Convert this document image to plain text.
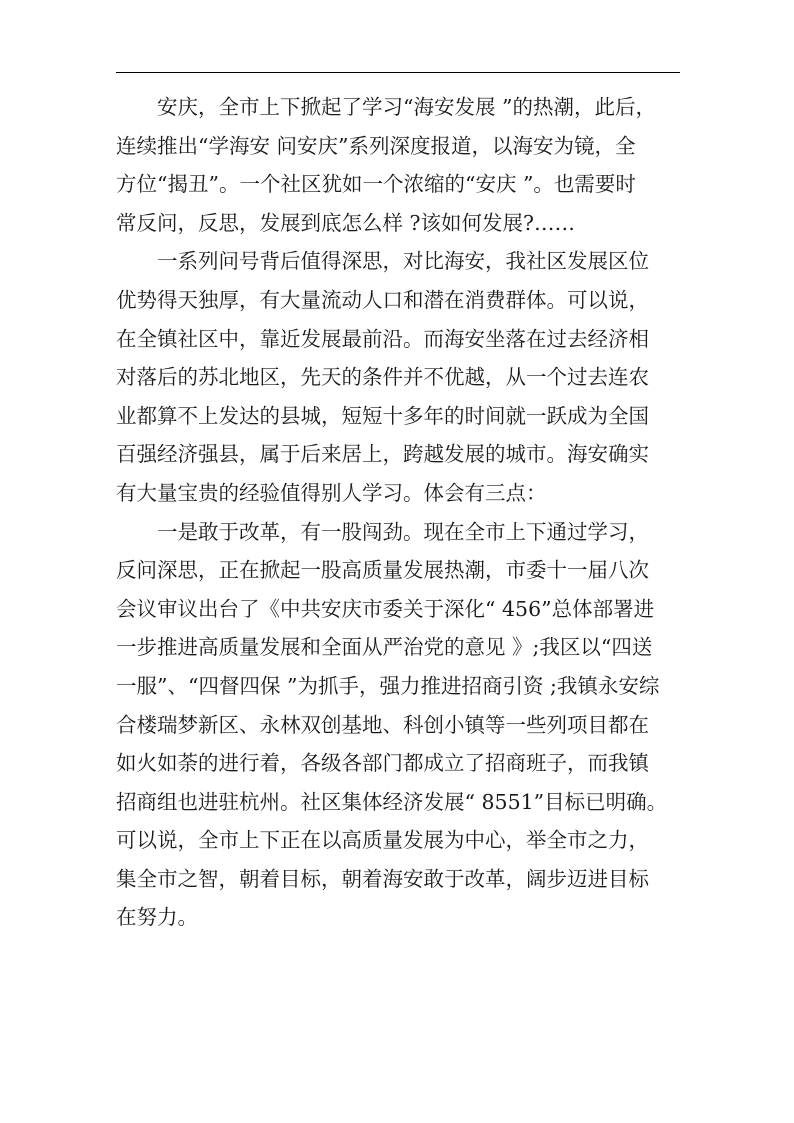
安庆，全市上下掀起了学习“海安发展 ”的热潮，此后，
连续推出“学海安 问安庆”系列深度报道，以海安为镜，全
方位“揭丑”。一个社区犹如一个浓缩的“安庆 ”。也需要时
常反问，反思，发展到底怎么样 ?该如何发展?……
一系列问号背后值得深思，对比海安，我社区发展区位
优势得天独厚，有大量流动人口和潜在消费群体。可以说，
在全镇社区中，靠近发展最前沿。而海安坐落在过去经济相
对落后的苏北地区，先天的条件并不优越，从一个过去连农
业都算不上发达的县城，短短十多年的时间就一跃成为全国
百强经济强县，属于后来居上，跨越发展的城市。海安确实
有大量宝贵的经验值得别人学习。体会有三点：
一是敢于改革，有一股闯劲。现在全市上下通过学习，
反问深思，正在掀起一股高质量发展热潮，市委十一届八次
会议审议出台了《中共安庆市委关于深化“ 456”总体部署进
一步推进高质量发展和全面从严治党的意见 》;我区以“四送
一服”、“四督四保 ”为抓手，强力推进招商引资 ;我镇永安综
合楼瑞梦新区、永林双创基地、科创小镇等一些列项目都在
如火如荼的进行着，各级各部门都成立了招商班子，而我镇
招商组也进驻杭州。社区集体经济发展“ 8551”目标已明确。
可以说，全市上下正在以高质量发展为中心，举全市之力，
集全市之智，朝着目标，朝着海安敢于改革，阔步迈进目标
在努力。
